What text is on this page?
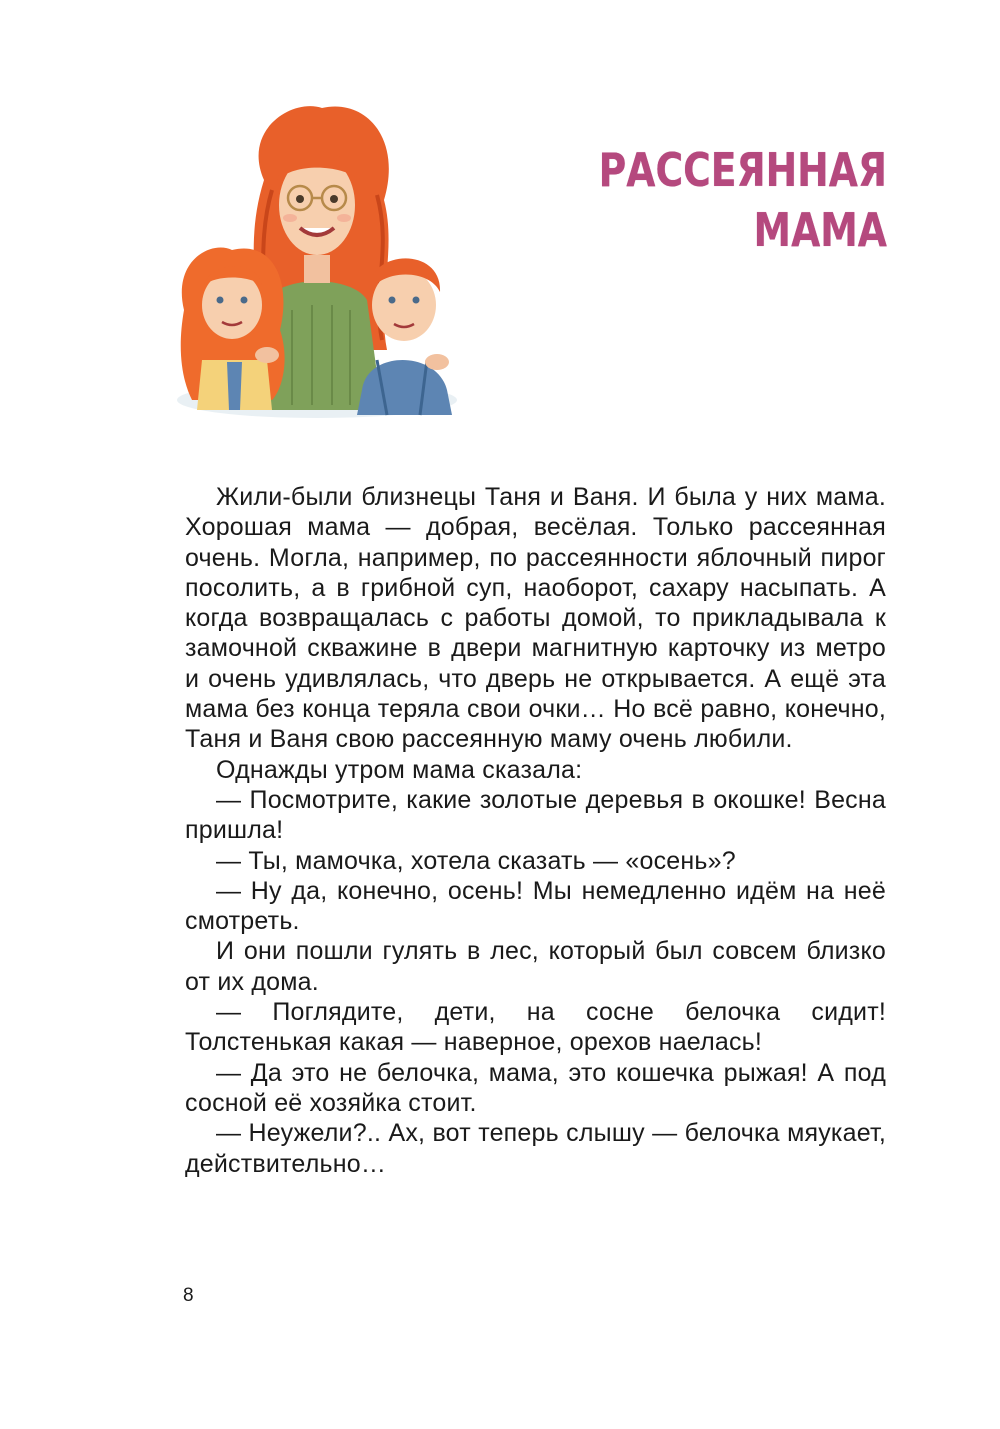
РАССЕЯННАЯ
МАМА

Жили-были близнецы Таня и Ваня. И была у них мама. Хорошая мама — добрая, весёлая. Только рассеянная очень. Могла, например, по рассеянности яблочный пирог посолить, а в грибной суп, наоборот, сахару насыпать. А когда возвращалась с работы домой, то прикладывала к замочной скважине в двери магнитную карточку из метро и очень удивлялась, что дверь не открывается. А ещё эта мама без конца теряла свои очки… Но всё равно, конечно, Таня и Ваня свою рассеянную маму очень любили.

Однажды утром мама сказала:

— Посмотрите, какие золотые деревья в окошке! Весна пришла!

— Ты, мамочка, хотела сказать — «осень»?

— Ну да, конечно, осень! Мы немедленно идём на неё смотреть.

И они пошли гулять в лес, который был совсем близко от их дома.

— Поглядите, дети, на сосне белочка сидит! Толстенькая какая — наверное, орехов наелась!

— Да это не белочка, мама, это кошечка рыжая! А под сосной её хозяйка стоит.

— Неужели?.. Ах, вот теперь слышу — белочка мяукает, действительно…

8
